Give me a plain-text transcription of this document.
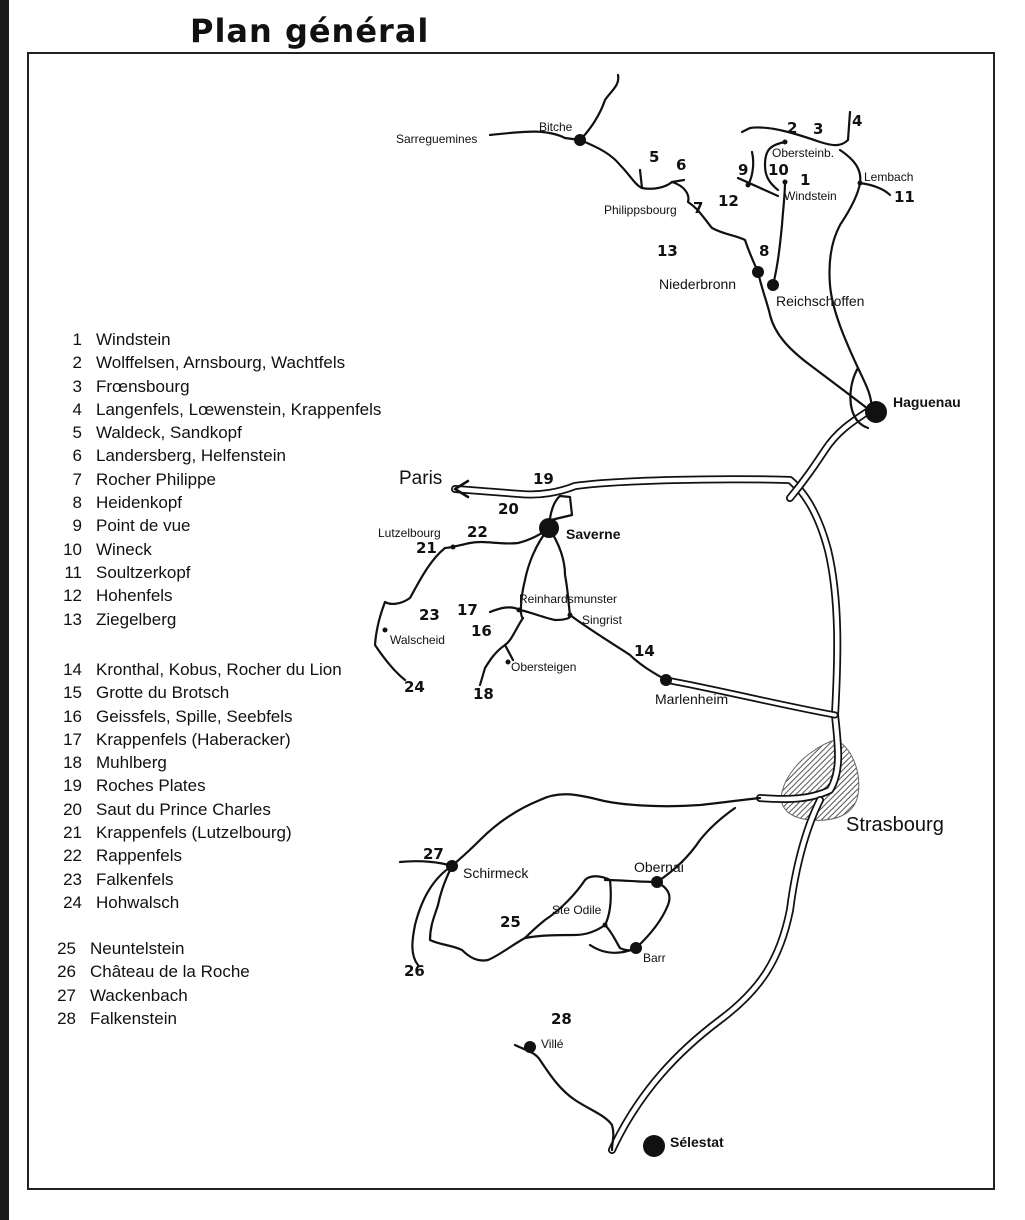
Plan général
1 Windstein
2 Wolffelsen, Arnsbourg, Wachtfels
3 Frœnsbourg
4 Langenfels, Lœwenstein, Krappenfels
5 Waldeck, Sandkopf
6 Landersberg, Helfenstein
7 Rocher Philippe
8 Heidenkopf
9 Point de vue
10 Wineck
11 Soultzerkopf
12 Hohenfels
13 Ziegelberg
14 Kronthal, Kobus, Rocher du Lion
15 Grotte du Brotsch
16 Geissfels, Spille, Seebfels
17 Krappenfels (Haberacker)
18 Muhlberg
19 Roches Plates
20 Saut du Prince Charles
21 Krappenfels (Lutzelbourg)
22 Rappenfels
23 Falkenfels
24 Hohwalsch
25 Neuntelstein
26 Château de la Roche
27 Wackenbach
28 Falkenstein
Sarreguemines
Bitche
Obersteinb.
Lembach
Windstein
Philippsbourg
Niederbronn
Reichschoffen
Haguenau
Paris
Lutzelbourg	Saverne
Reinhardsmunster
Singrist
Walscheid
Obersteigen
Marlenheim
Strasbourg
Schirmeck	Obernai
Ste Odile
Barr
Villé
Sélestat
2 3 4
5 6	9 10
1
11
7 12
13	8
19
20
22
21
23 17
16
14
24	18
27
25
26
28
